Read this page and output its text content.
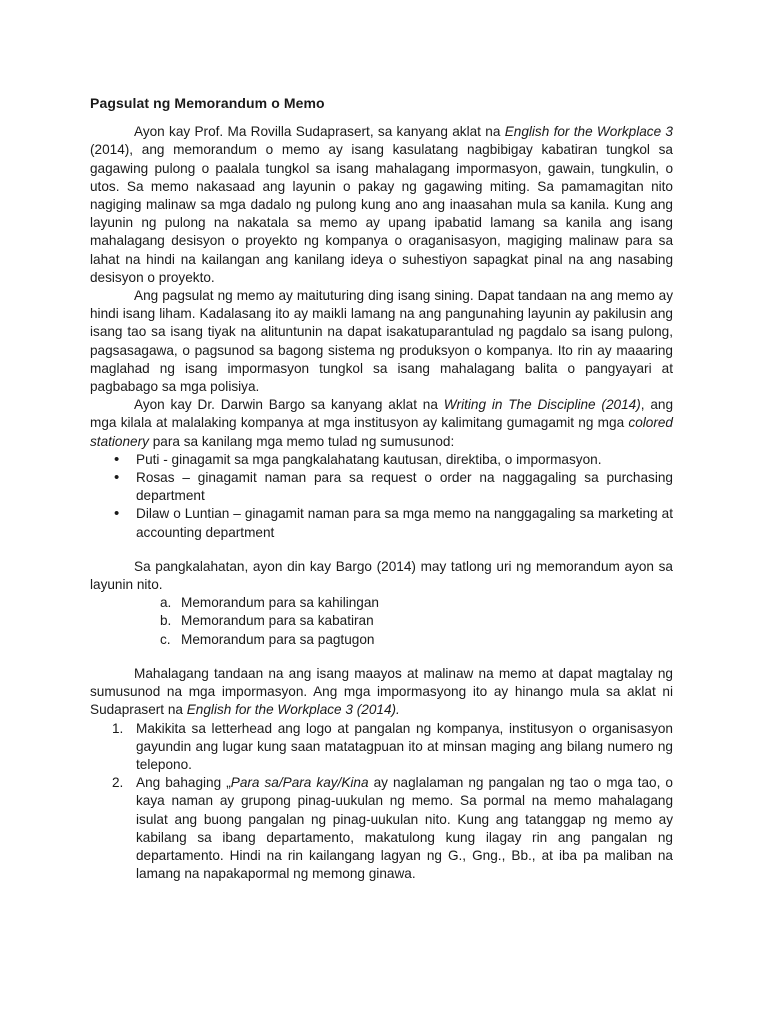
Pagsulat ng Memorandum o Memo

Ayon kay Prof. Ma Rovilla Sudaprasert, sa kanyang aklat na English for the Workplace 3 (2014), ang memorandum o memo ay isang kasulatang nagbibigay kabatiran tungkol sa gagawing pulong o paalala tungkol sa isang mahalagang impormasyon, gawain, tungkulin, o utos. Sa memo nakasaad ang layunin o pakay ng gagawing miting. Sa pamamagitan nito nagiging malinaw sa mga dadalo ng pulong kung ano ang inaasahan mula sa kanila. Kung ang layunin ng pulong na nakatala sa memo ay upang ipabatid lamang sa kanila ang isang mahalagang desisyon o proyekto ng kompanya o oraganisasyon, magiging malinaw para sa lahat na hindi na kailangan ang kanilang ideya o suhestiyon sapagkat pinal na ang nasabing desisyon o proyekto.

Ang pagsulat ng memo ay maituturing ding isang sining. Dapat tandaan na ang memo ay hindi isang liham. Kadalasang ito ay maikli lamang na ang pangunahing layunin ay pakilusin ang isang tao sa isang tiyak na alituntunin na dapat isakatuparantulad ng pagdalo sa isang pulong, pagsasagawa, o pagsunod sa bagong sistema ng produksyon o kompanya. Ito rin ay maaaring maglahad ng isang impormasyon tungkol sa isang mahalagang balita o pangyayari at pagbabago sa mga polisiya.

Ayon kay Dr. Darwin Bargo sa kanyang aklat na Writing in The Discipline (2014), ang mga kilala at malalaking kompanya at mga institusyon ay kalimitang gumagamit ng mga colored stationery para sa kanilang mga memo tulad ng sumusunod:

• Puti - ginagamit sa mga pangkalahatang kautusan, direktiba, o impormasyon.
• Rosas – ginagamit naman para sa request o order na naggagaling sa purchasing department
• Dilaw o Luntian – ginagamit naman para sa mga memo na nanggagaling sa marketing at accounting department

Sa pangkalahatan, ayon din kay Bargo (2014) may tatlong uri ng memorandum ayon sa layunin nito.

a. Memorandum para sa kahilingan
b. Memorandum para sa kabatiran
c. Memorandum para sa pagtugon

Mahalagang tandaan na ang isang maayos at malinaw na memo at dapat magtalay ng sumusunod na mga impormasyon. Ang mga impormasyong ito ay hinango mula sa aklat ni Sudaprasert na English for the Workplace 3 (2014).

1. Makikita sa letterhead ang logo at pangalan ng kompanya, institusyon o organisasyon gayundin ang lugar kung saan matatagpuan ito at minsan maging ang bilang numero ng telepono.
2. Ang bahaging „Para sa/Para kay/Kina ay naglalaman ng pangalan ng tao o mga tao, o kaya naman ay grupong pinag-uukulan ng memo. Sa pormal na memo mahalagang isulat ang buong pangalan ng pinag-uukulan nito. Kung ang tatanggap ng memo ay kabilang sa ibang departamento, makatulong kung ilagay rin ang pangalan ng departamento. Hindi na rin kailangang lagyan ng G., Gng., Bb., at iba pa maliban na lamang na napakapormal ng memong ginawa.
